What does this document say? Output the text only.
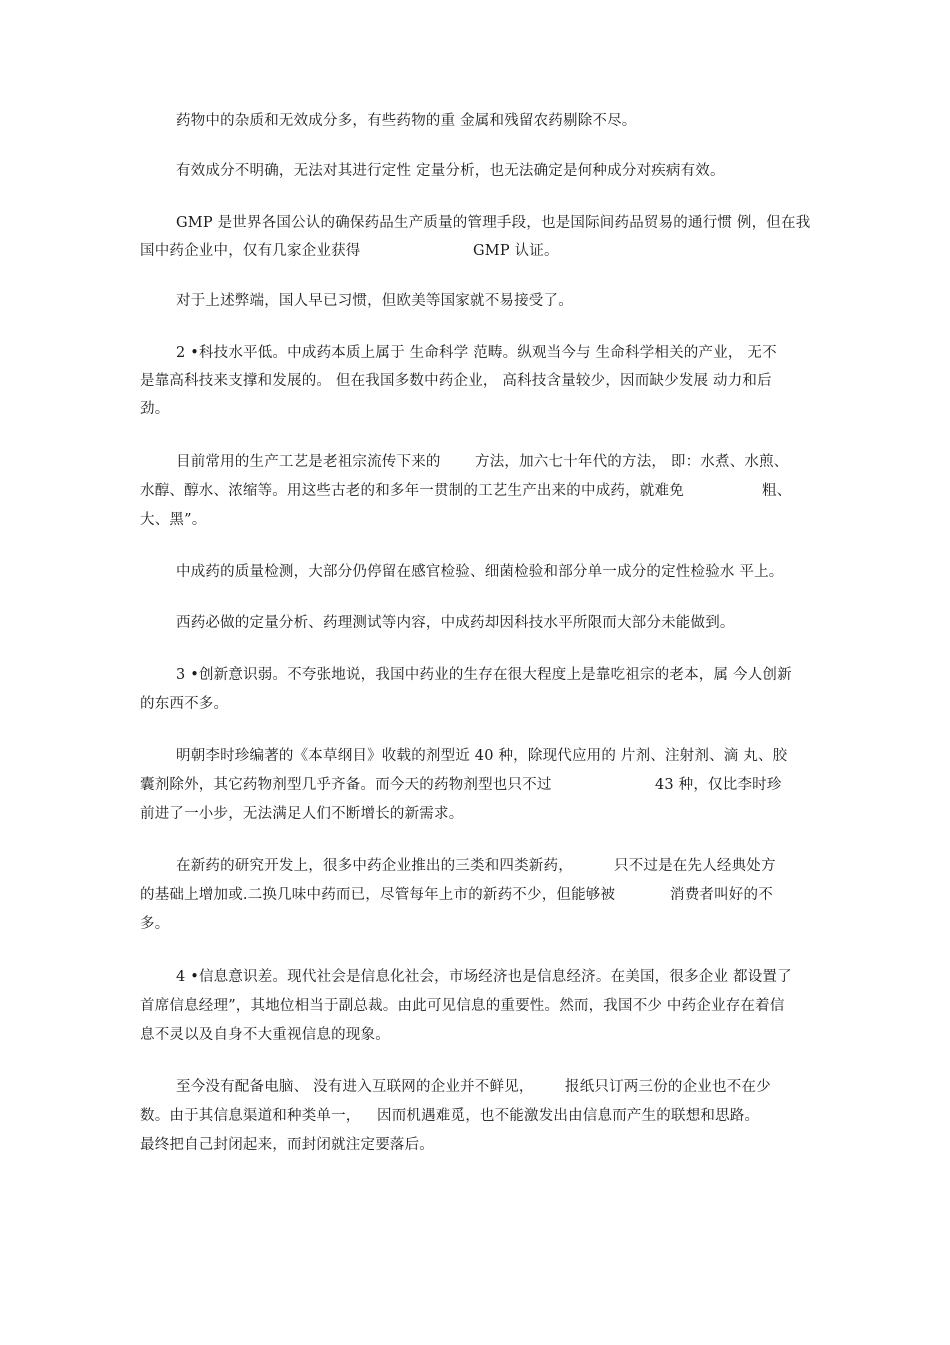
药物中的杂质和无效成分多，有些药物的重 金属和残留农药剔除不尽。
有效成分不明确，无法对其进行定性 定量分析，也无法确定是何种成分对疾病有效。
GMP 是世界各国公认的确保药品生产质量的管理手段，也是国际间药品贸易的通行惯 例，但在我
国中药企业中，仅有几家企业获得	GMP 认证。
对于上述弊端，国人早已习惯，但欧美等国家就不易接受了。
2 •科技水平低。中成药本质上属于 生命科学 范畴。纵观当今与 生命科学相关的产业， 无不
是靠高科技来支撑和发展的。 但在我国多数中药企业， 高科技含量较少，因而缺少发展 动力和后
劲。
目前常用的生产工艺是老祖宗流传下来的 方法，加六七十年代的方法， 即：水煮、水煎、
水醇、醇水、浓缩等。用这些古老的和多年一贯制的工艺生产出来的中成药，就难免	粗、
大、黑”。
中成药的质量检测，大部分仍停留在感官检验、细菌检验和部分单一成分的定性检验水 平上。
西药必做的定量分析、药理测试等内容，中成药却因科技水平所限而大部分未能做到。
3 •创新意识弱。不夸张地说，我国中药业的生存在很大程度上是靠吃祖宗的老本，属 今人创新
的东西不多。
明朝李时珍编著的《本草纲目》收载的剂型近 40 种，除现代应用的 片剂、注射剂、滴 丸、胶
囊剂除外，其它药物剂型几乎齐备。而今天的药物剂型也只不过	43 种，仅比李时珍
前进了一小步，无法满足人们不断增长的新需求。
在新药的研究开发上，很多中药企业推出的三类和四类新药，	只不过是在先人经典处方
的基础上增加或.二换几味中药而已，尽管每年上市的新药不少，但能够被	消费者叫好的不
多。
4 •信息意识差。现代社会是信息化社会，市场经济也是信息经济。在美国，很多企业 都设置了
首席信息经理”，其地位相当于副总裁。由此可见信息的重要性。然而，我国不少 中药企业存在着信
息不灵以及自身不大重视信息的现象。
至今没有配备电脑、 没有进入互联网的企业并不鲜见， 报纸只订两三份的企业也不在少
数。由于其信息渠道和种类单一， 因而机遇难觅，也不能激发出由信息而产生的联想和思路。
最终把自己封闭起来，而封闭就注定要落后。
